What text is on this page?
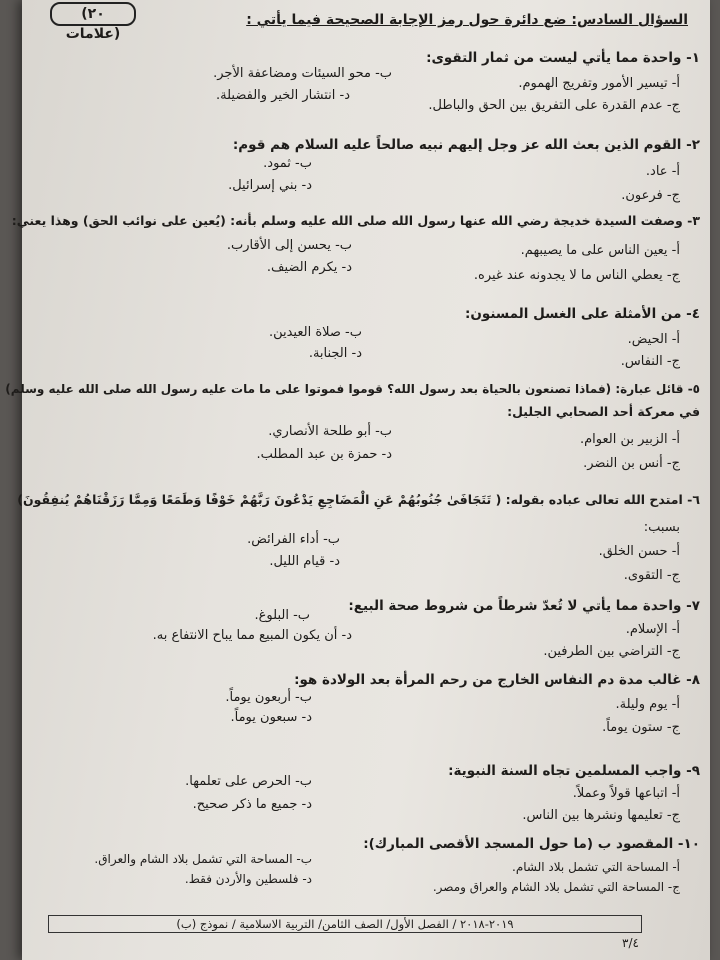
(٢٠ علامات)
السؤال السادس: ضع دائرة حول رمز الإجابة الصحيحة فيما يأتي :
١- واحدة مما يأتي ليست من ثمار التقوى:
أ- تيسير الأمور وتفريج الهموم.
ب- محو السيئات ومضاعفة الأجر.
ج- عدم القدرة على التفريق بين الحق والباطل.
د- انتشار الخير والفضيلة.
٢- القوم الذين بعث الله عز وجل إليهم نبيه صالحاً عليه السلام هم قوم:
أ- عاد.
ب- ثمود.
ج- فرعون.
د- بني إسرائيل.
٣- وصفت السيدة خديجة رضي الله عنها رسول الله صلى الله عليه وسلم بأنه: (يُعين على نوائب الحق) وهذا يعني:
أ- يعين الناس على ما يصيبهم.
ب- يحسن إلى الأقارب.
ج- يعطي الناس ما لا يجدونه عند غيره.
د- يكرم الضيف.
٤- من الأمثلة على الغسل المسنون:
أ- الحيض.
ب- صلاة العيدين.
ج- النفاس.
د- الجنابة.
٥- قائل عبارة: (فماذا تصنعون بالحياة بعد رسول الله؟ قوموا فموتوا على ما مات عليه رسول الله صلى الله عليه وسلم)
في معركة أحد الصحابي الجليل:
أ- الزبير بن العوام.
ب- أبو طلحة الأنصاري.
ج- أنس بن النضر.
د- حمزة بن عبد المطلب.
٦- امتدح الله تعالى عباده بقوله: ( تَتَجَافَىٰ جُنُوبُهُمْ عَنِ الْمَضَاجِعِ يَدْعُونَ رَبَّهُمْ خَوْفًا وَطَمَعًا وَمِمَّا رَزَقْنَاهُمْ يُنفِقُونَ)
بسبب:
أ- حسن الخلق.
ب- أداء الفرائض.
ج- التقوى.
د- قيام الليل.
٧- واحدة مما يأتي لا تُعدّ شرطاً من شروط صحة البيع:
أ- الإسلام.
ب- البلوغ.
ج- التراضي بين الطرفين.
د- أن يكون المبيع مما يباح الانتفاع به.
٨- غالب مدة دم النفاس الخارج من رحم المرأة بعد الولادة هو:
أ- يوم وليلة.
ب- أربعون يوماً.
ج- ستون يوماً.
د- سبعون يوماً.
٩- واجب المسلمين تجاه السنة النبوية:
أ- اتباعها قولاً وعملاً.
ب- الحرص على تعلمها.
ج- تعليمها ونشرها بين الناس.
د- جميع ما ذكر صحيح.
١٠- المقصود ب (ما حول المسجد الأقصى المبارك):
أ- المساحة التي تشمل بلاد الشام.
ب- المساحة التي تشمل بلاد الشام والعراق.
ج- المساحة التي تشمل بلاد الشام والعراق ومصر.
د- فلسطين والأردن فقط.
٢٠١٩-٢٠١٨ / الفصل الأول/ الصف الثامن/ التربية الاسلامية / نموذج (ب)
٣/٤
